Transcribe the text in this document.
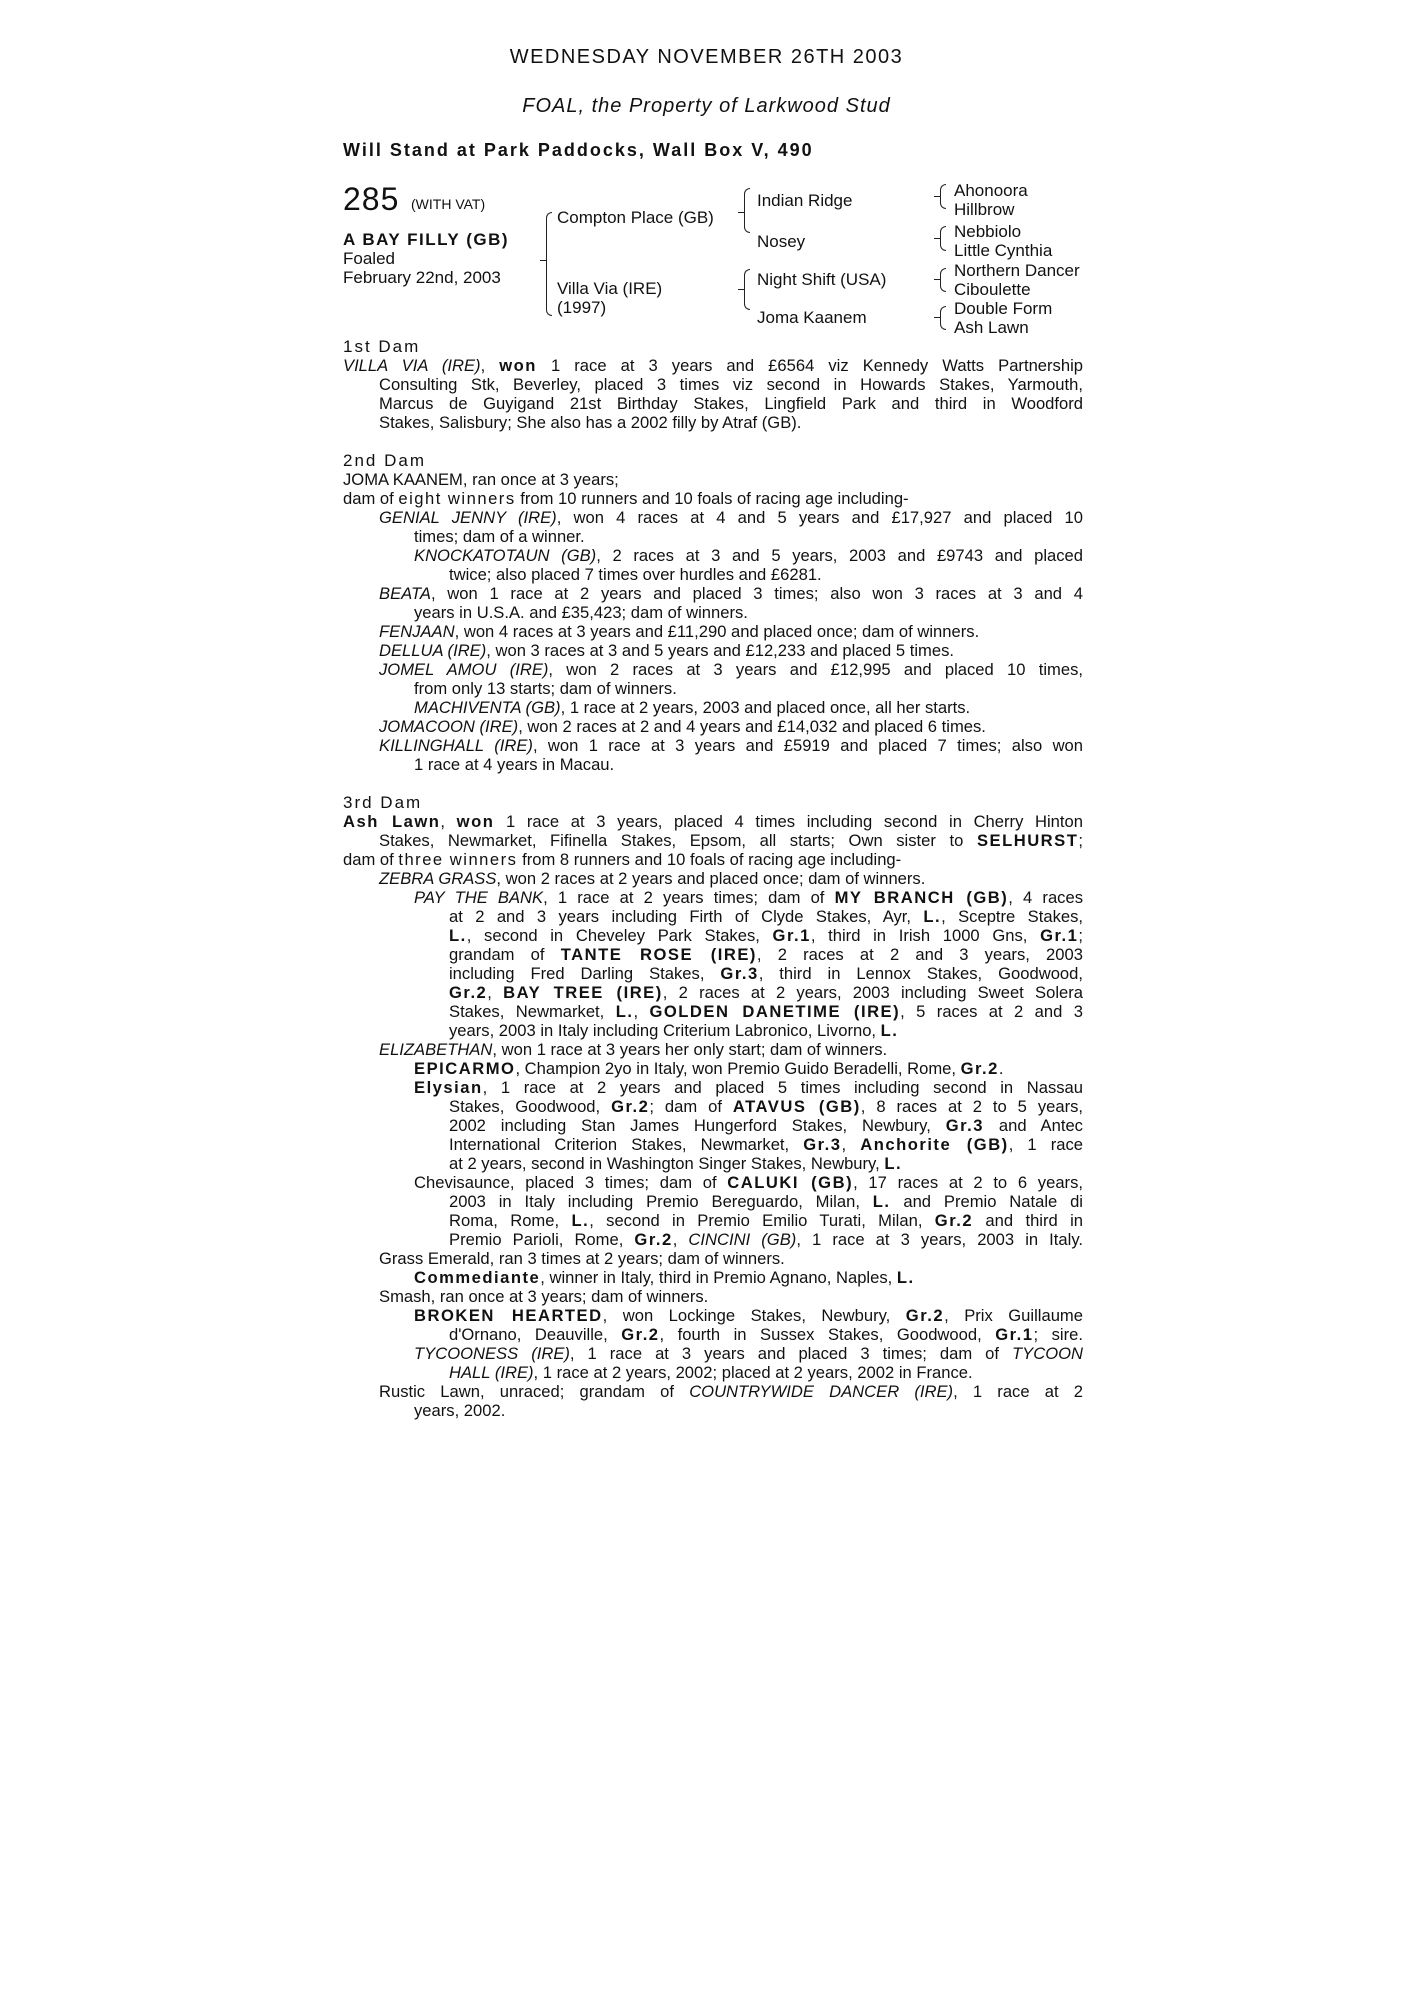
WEDNESDAY NOVEMBER 26TH 2003
FOAL, the Property of Larkwood Stud
Will Stand at Park Paddocks, Wall Box V, 490
285 (WITH VAT)
A BAY FILLY (GB)
Foaled
February 22nd, 2003
Compton Place (GB)
Villa Via (IRE)
(1997)
Indian Ridge
Nosey
Night Shift (USA)
Joma Kaanem
Ahonoora
Hillbrow
Nebbiolo
Little Cynthia
Northern Dancer
Ciboulette
Double Form
Ash Lawn
1st Dam
VILLA VIA (IRE), won 1 race at 3 years and £6564 viz Kennedy Watts Partnership
Consulting Stk, Beverley, placed 3 times viz second in Howards Stakes, Yarmouth,
Marcus de Guyigand 21st Birthday Stakes, Lingfield Park and third in Woodford
Stakes, Salisbury; She also has a 2002 filly by Atraf (GB).
2nd Dam
JOMA KAANEM, ran once at 3 years;
dam of eight winners from 10 runners and 10 foals of racing age including-
GENIAL JENNY (IRE), won 4 races at 4 and 5 years and £17,927 and placed 10
times; dam of a winner.
KNOCKATOTAUN (GB), 2 races at 3 and 5 years, 2003 and £9743 and placed
twice; also placed 7 times over hurdles and £6281.
BEATA, won 1 race at 2 years and placed 3 times; also won 3 races at 3 and 4
years in U.S.A. and £35,423; dam of winners.
FENJAAN, won 4 races at 3 years and £11,290 and placed once; dam of winners.
DELLUA (IRE), won 3 races at 3 and 5 years and £12,233 and placed 5 times.
JOMEL AMOU (IRE), won 2 races at 3 years and £12,995 and placed 10 times,
from only 13 starts; dam of winners.
MACHIVENTA (GB), 1 race at 2 years, 2003 and placed once, all her starts.
JOMACOON (IRE), won 2 races at 2 and 4 years and £14,032 and placed 6 times.
KILLINGHALL (IRE), won 1 race at 3 years and £5919 and placed 7 times; also won
1 race at 4 years in Macau.
3rd Dam
Ash Lawn, won 1 race at 3 years, placed 4 times including second in Cherry Hinton
Stakes, Newmarket, Fifinella Stakes, Epsom, all starts; Own sister to SELHURST;
dam of three winners from 8 runners and 10 foals of racing age including-
ZEBRA GRASS, won 2 races at 2 years and placed once; dam of winners.
PAY THE BANK, 1 race at 2 years times; dam of MY BRANCH (GB), 4 races
at 2 and 3 years including Firth of Clyde Stakes, Ayr, L., Sceptre Stakes,
L., second in Cheveley Park Stakes, Gr.1, third in Irish 1000 Gns, Gr.1;
grandam of TANTE ROSE (IRE), 2 races at 2 and 3 years, 2003
including Fred Darling Stakes, Gr.3, third in Lennox Stakes, Goodwood,
Gr.2, BAY TREE (IRE), 2 races at 2 years, 2003 including Sweet Solera
Stakes, Newmarket, L., GOLDEN DANETIME (IRE), 5 races at 2 and 3
years, 2003 in Italy including Criterium Labronico, Livorno, L.
ELIZABETHAN, won 1 race at 3 years her only start; dam of winners.
EPICARMO, Champion 2yo in Italy, won Premio Guido Beradelli, Rome, Gr.2.
Elysian, 1 race at 2 years and placed 5 times including second in Nassau
Stakes, Goodwood, Gr.2; dam of ATAVUS (GB), 8 races at 2 to 5 years,
2002 including Stan James Hungerford Stakes, Newbury, Gr.3 and Antec
International Criterion Stakes, Newmarket, Gr.3, Anchorite (GB), 1 race
at 2 years, second in Washington Singer Stakes, Newbury, L.
Chevisaunce, placed 3 times; dam of CALUKI (GB), 17 races at 2 to 6 years,
2003 in Italy including Premio Bereguardo, Milan, L. and Premio Natale di
Roma, Rome, L., second in Premio Emilio Turati, Milan, Gr.2 and third in
Premio Parioli, Rome, Gr.2, CINCINI (GB), 1 race at 3 years, 2003 in Italy.
Grass Emerald, ran 3 times at 2 years; dam of winners.
Commediante, winner in Italy, third in Premio Agnano, Naples, L.
Smash, ran once at 3 years; dam of winners.
BROKEN HEARTED, won Lockinge Stakes, Newbury, Gr.2, Prix Guillaume
d'Ornano, Deauville, Gr.2, fourth in Sussex Stakes, Goodwood, Gr.1; sire.
TYCOONESS (IRE), 1 race at 3 years and placed 3 times; dam of TYCOON
HALL (IRE), 1 race at 2 years, 2002; placed at 2 years, 2002 in France.
Rustic Lawn, unraced; grandam of COUNTRYWIDE DANCER (IRE), 1 race at 2
years, 2002.
